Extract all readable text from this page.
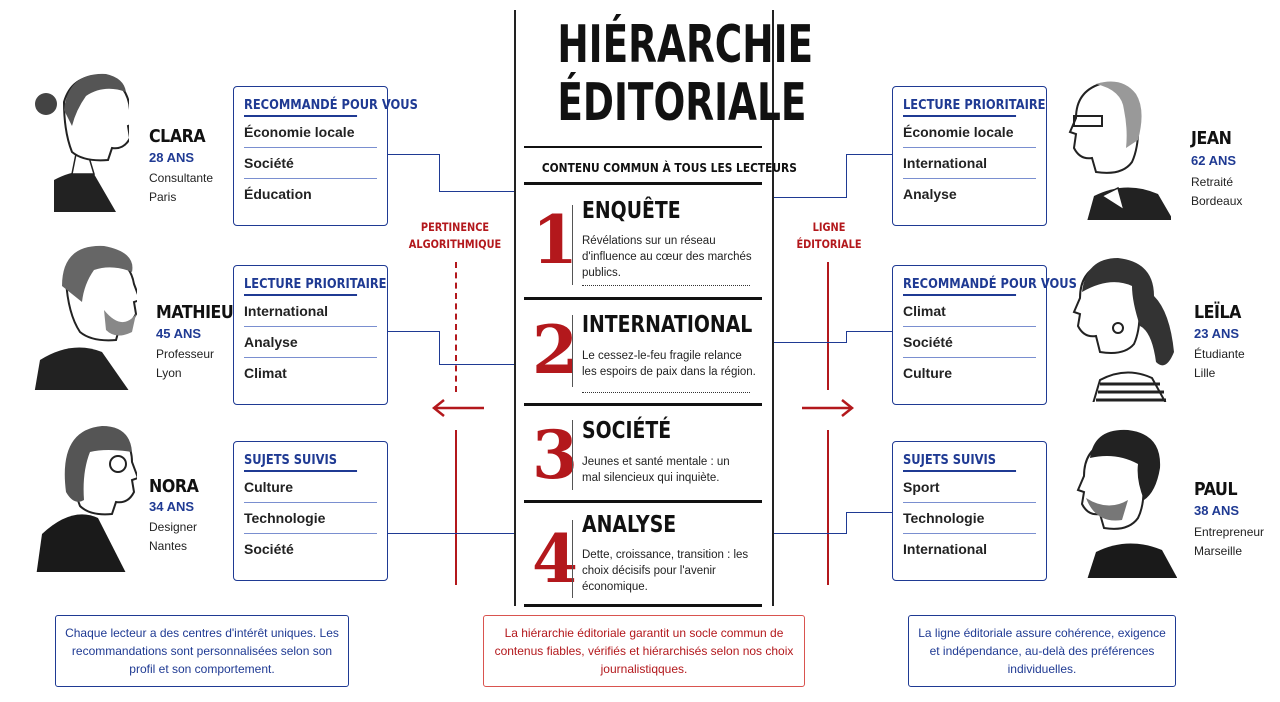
HIÉRARCHIE
ÉDITORIALE
CONTENU COMMUN À TOUS LES LECTEURS
1 ENQUÊTE
Révélations sur un réseau d'influence au cœur des marchés publics.
2 INTERNATIONAL
Le cessez-le-feu fragile relance les espoirs de paix dans la région.
3 SOCIÉTÉ
Jeunes et santé mentale : un mal silencieux qui inquiète.
4 ANALYSE
Dette, croissance, transition : les choix décisifs pour l'avenir économique.
PERTINENCE
ALGORITHMIQUE
LIGNE
ÉDITORIALE
CLARA
28 ANS
Consultante
Paris
RECOMMANDÉ POUR VOUS
Économie locale
Société
Éducation
MATHIEU
45 ANS
Professeur
Lyon
LECTURE PRIORITAIRE
International
Analyse
Climat
NORA
34 ANS
Designer
Nantes
SUJETS SUIVIS
Culture
Technologie
Société
LECTURE PRIORITAIRE
Économie locale
International
Analyse
JEAN
62 ANS
Retraité
Bordeaux
RECOMMANDÉ POUR VOUS
Climat
Société
Culture
LEÏLA
23 ANS
Étudiante
Lille
SUJETS SUIVIS
Sport
Technologie
International
PAUL
38 ANS
Entrepreneur
Marseille
Chaque lecteur a des centres d'intérêt uniques. Les recommandations sont personnalisées selon son profil et son comportement.
La hiérarchie éditoriale garantit un socle commun de contenus fiables, vérifiés et hiérarchisés selon nos choix journalistiqques.
La ligne éditoriale assure cohérence, exigence et indépendance, au-delà des préférences individuelles.
